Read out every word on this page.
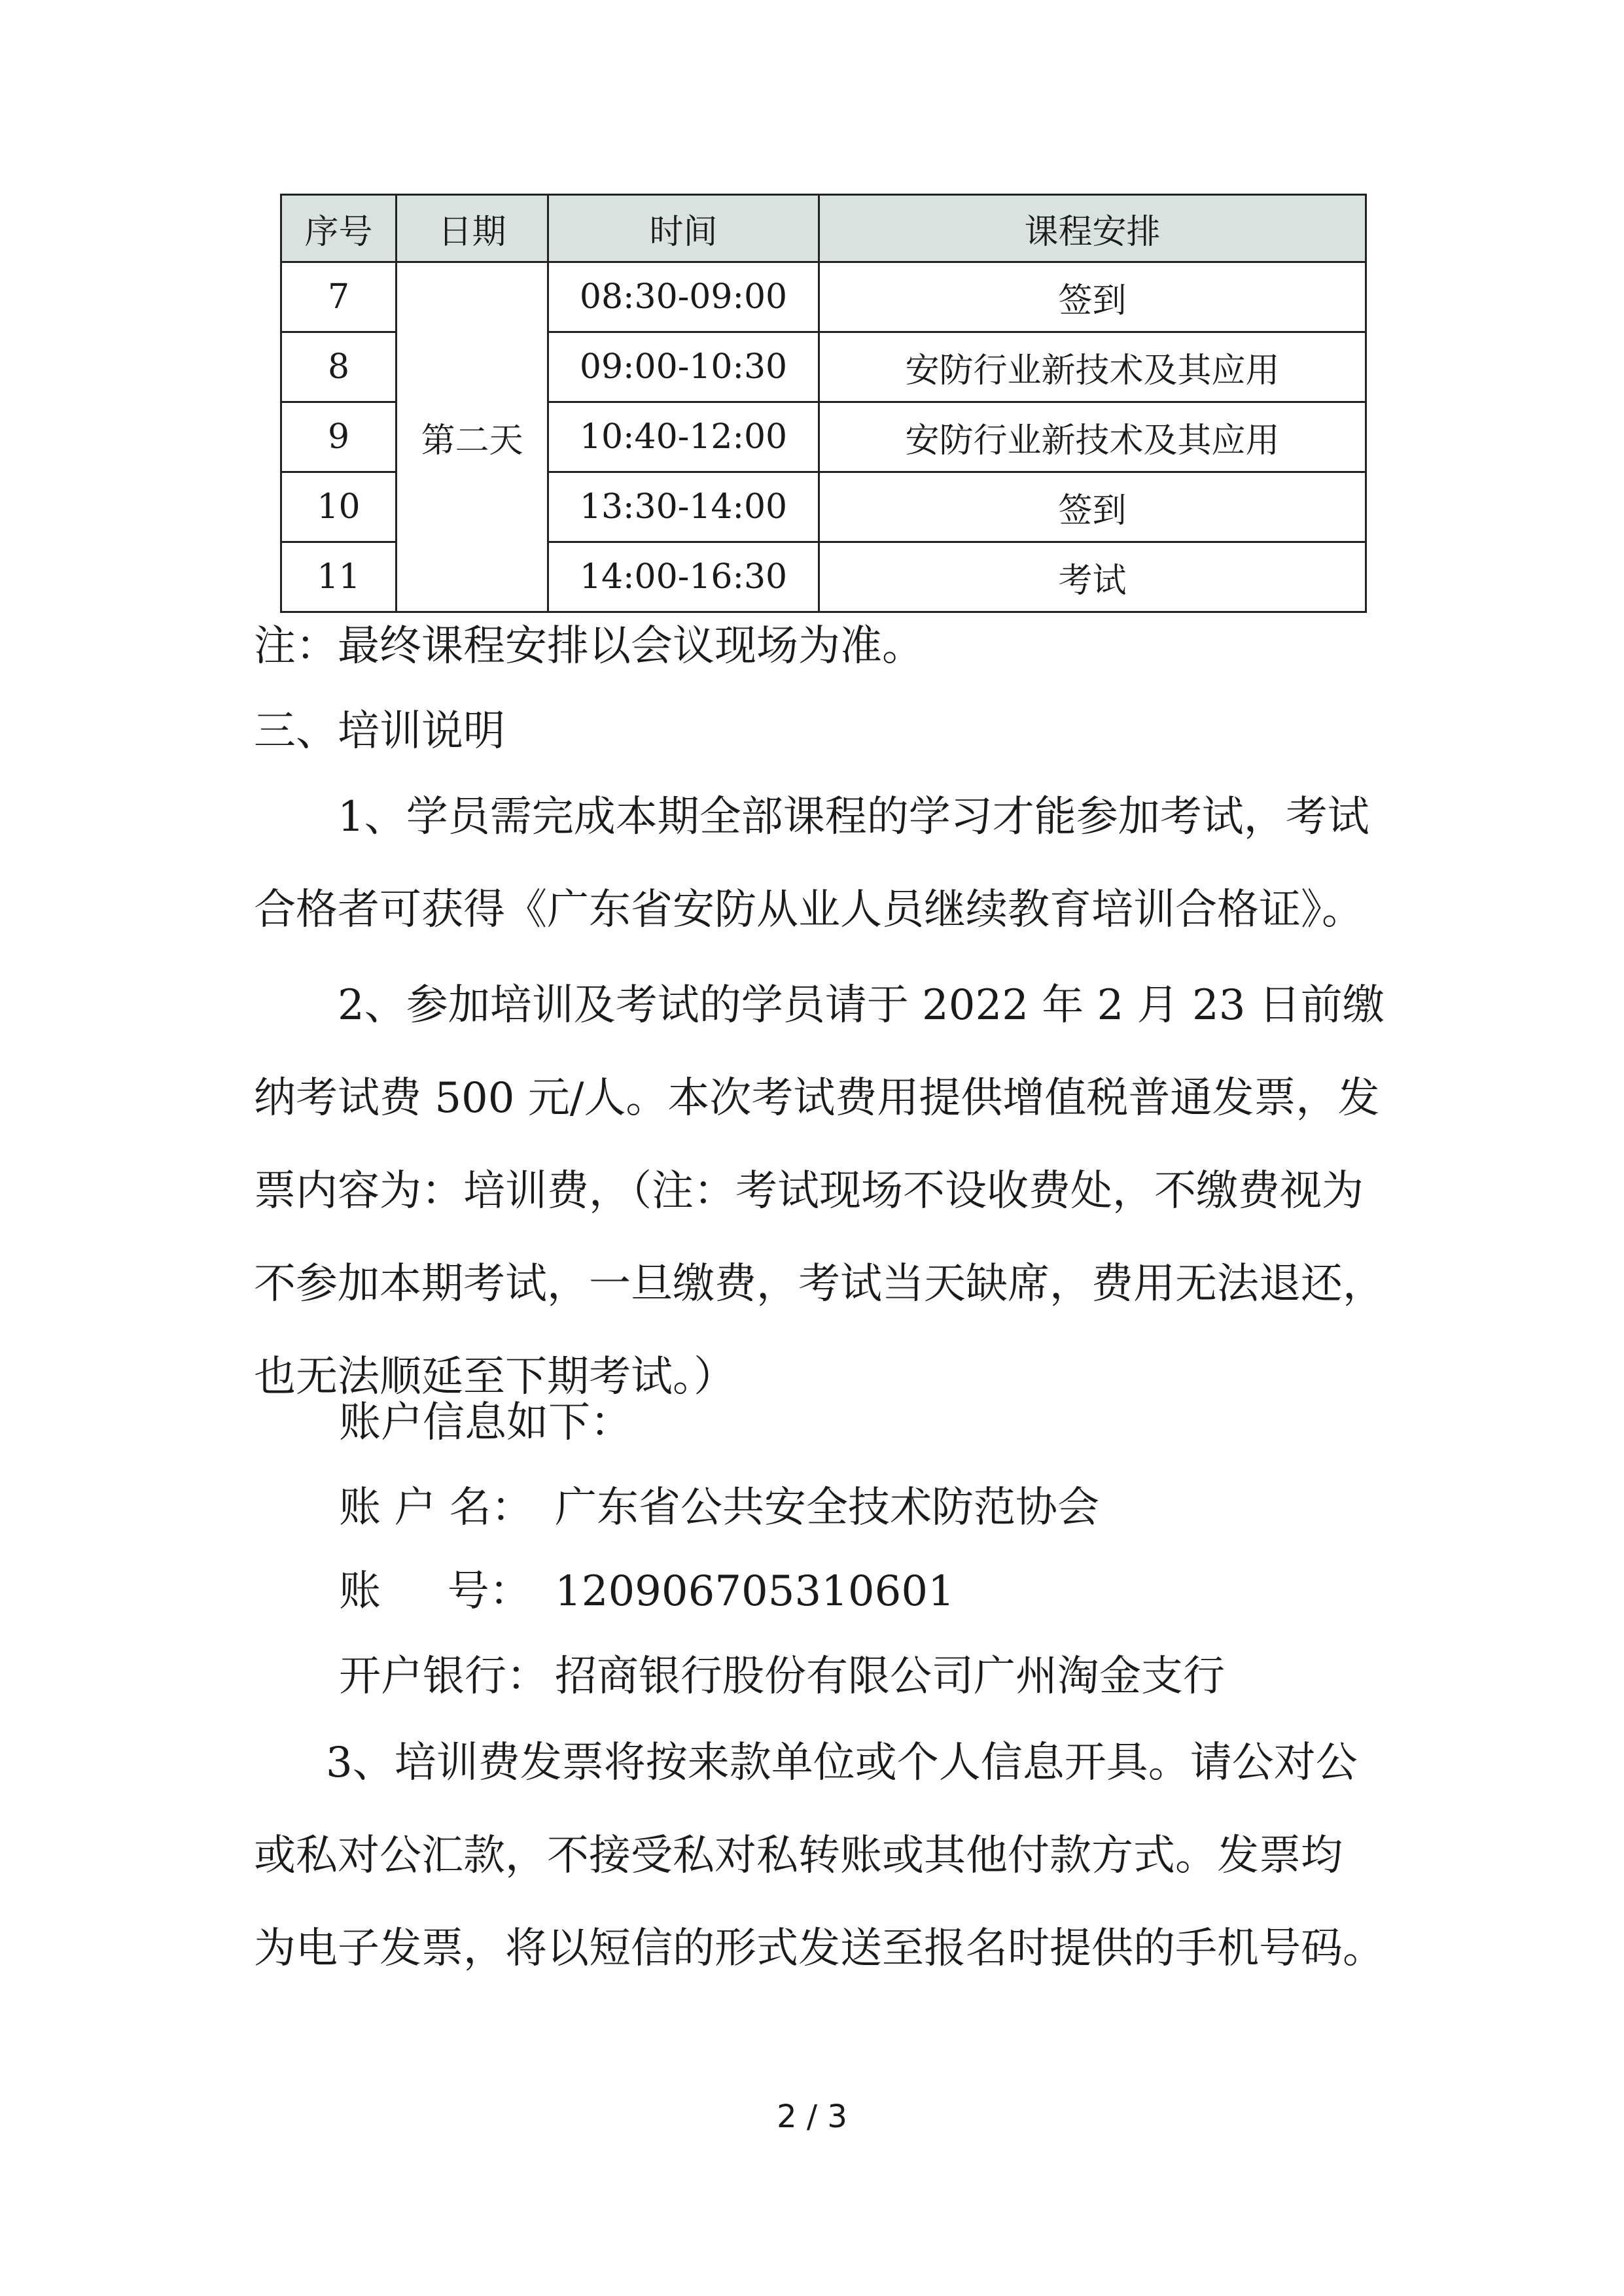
序号	日期	时间	课程安排
7	第二天	08:30-09:00	签到
8		09:00-10:30	安防行业新技术及其应用
9		10:40-12:00	安防行业新技术及其应用
10		13:30-14:00	签到
11		14:00-16:30	考试
注：最终课程安排以会议现场为准。
三、培训说明
1、学员需完成本期全部课程的学习才能参加考试，考试
合格者可获得《广东省安防从业人员继续教育培训合格证》。
2、参加培训及考试的学员请于 2022 年 2 月 23 日前缴
纳考试费 500 元/人。本次考试费用提供增值税普通发票，发
票内容为：培训费，（注：考试现场不设收费处，不缴费视为
不参加本期考试，一旦缴费，考试当天缺席，费用无法退还，
也无法顺延至下期考试。）
账户信息如下：
账 户 名： 广东省公共安全技术防范协会
账     号： 120906705310601
开户银行： 招商银行股份有限公司广州淘金支行
3、培训费发票将按来款单位或个人信息开具。请公对公
或私对公汇款，不接受私对私转账或其他付款方式。发票均
为电子发票，将以短信的形式发送至报名时提供的手机号码。
2 / 3
